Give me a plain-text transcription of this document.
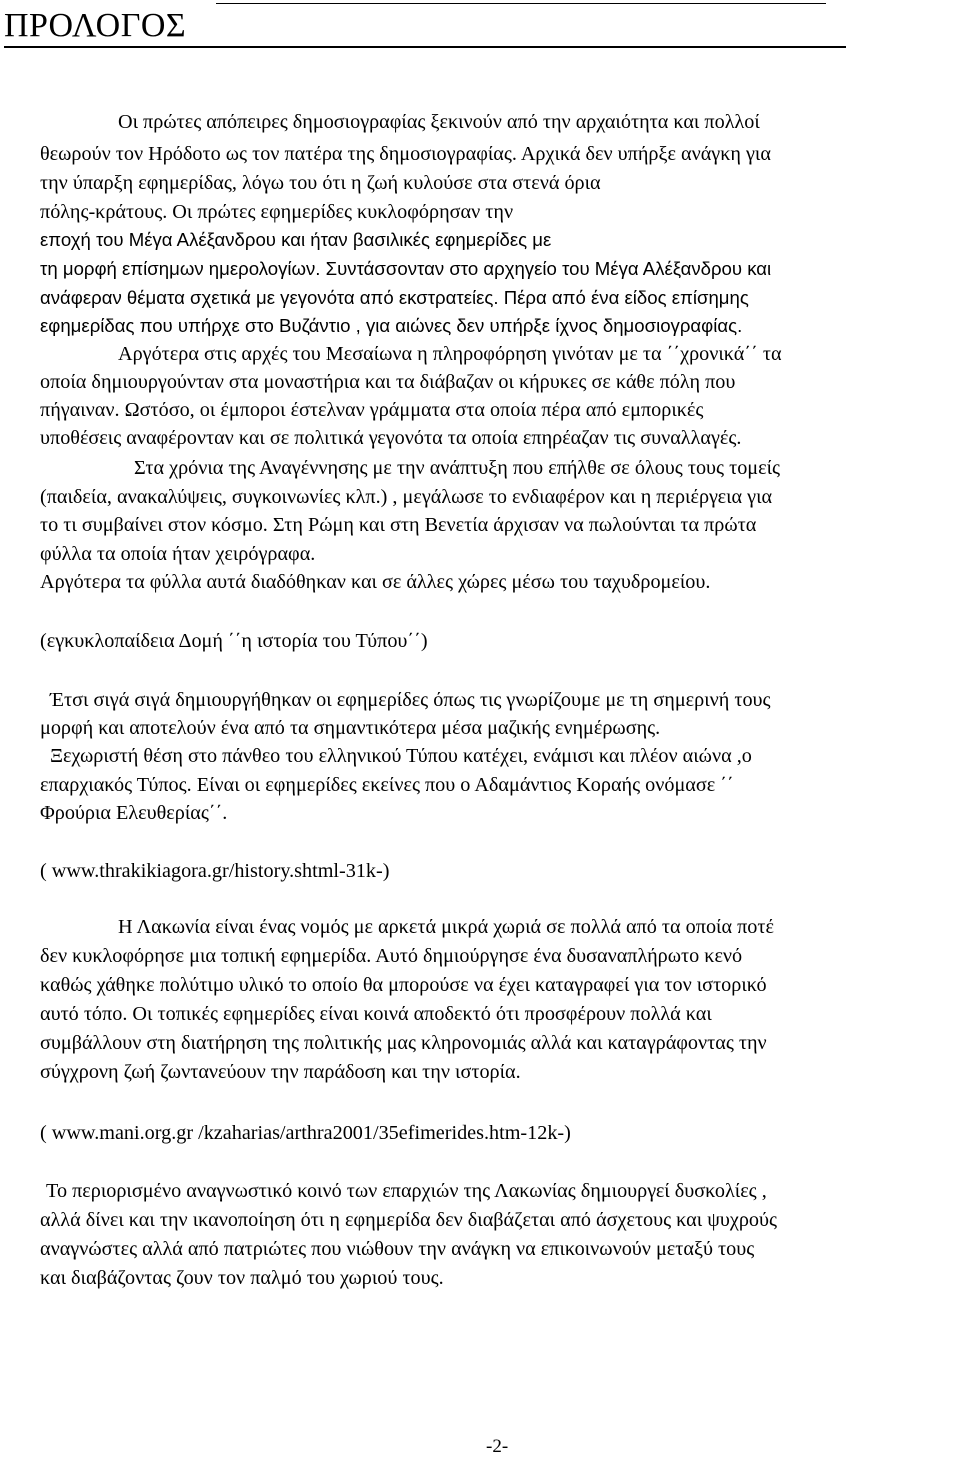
ΠΡΟΛΟΓΟΣ
Οι πρώτες απόπειρες δημοσιογραφίας ξεκινούν από την αρχαιότητα και πολλοί
θεωρούν τον Ηρόδοτο ως τον πατέρα της δημοσιογραφίας. Αρχικά δεν υπήρξε ανάγκη για
την ύπαρξη εφημερίδας, λόγω του ότι η ζωή κυλούσε στα στενά όρια
πόλης-κράτους. Οι πρώτες εφημερίδες κυκλοφόρησαν την
εποχή του Μέγα Αλέξανδρου και ήταν βασιλικές εφημερίδες με
τη μορφή επίσημων ημερολογίων. Συντάσσονταν στο αρχηγείο του Μέγα Αλέξανδρου και
ανάφεραν θέματα σχετικά με γεγονότα από εκστρατείες. Πέρα από ένα είδος επίσημης
εφημερίδας που υπήρχε στο Βυζάντιο , για αιώνες δεν υπήρξε ίχνος δημοσιογραφίας.
Αργότερα στις αρχές του Μεσαίωνα η πληροφόρηση γινόταν με τα ΄΄χρονικά΄΄ τα
οποία δημιουργούνταν στα μοναστήρια και τα διάβαζαν οι κήρυκες σε κάθε πόλη που
πήγαιναν. Ωστόσο, οι έμποροι έστελναν γράμματα στα οποία πέρα από εμπορικές
υποθέσεις αναφέρονταν και σε πολιτικά γεγονότα τα οποία επηρέαζαν τις συναλλαγές.
Στα χρόνια της Αναγέννησης με την ανάπτυξη που επήλθε σε όλους τους τομείς
(παιδεία, ανακαλύψεις, συγκοινωνίες κλπ.) , μεγάλωσε το ενδιαφέρον και η περιέργεια για
το τι συμβαίνει στον κόσμο. Στη Ρώμη και στη Βενετία άρχισαν να πωλούνται τα πρώτα
φύλλα τα οποία ήταν χειρόγραφα.
Αργότερα τα φύλλα αυτά διαδόθηκαν και σε άλλες χώρες μέσω του ταχυδρομείου.
(εγκυκλοπαίδεια Δομή ΄΄η ιστορία του Τύπου΄΄)
Έτσι σιγά σιγά δημιουργήθηκαν οι εφημερίδες όπως τις γνωρίζουμε με τη σημερινή τους
μορφή και αποτελούν ένα από τα σημαντικότερα μέσα μαζικής ενημέρωσης.
Ξεχωριστή θέση στο πάνθεο του ελληνικού Τύπου κατέχει, ενάμισι και πλέον αιώνα ,ο
επαρχιακός Τύπος. Είναι οι εφημερίδες εκείνες που ο Αδαμάντιος Κοραής ονόμασε ΄΄
Φρούρια Ελευθερίας΄΄.
( www.thrakikiagora.gr/history.shtml-31k-)
Η Λακωνία είναι ένας νομός με αρκετά μικρά χωριά σε πολλά από τα οποία ποτέ
δεν κυκλοφόρησε μια τοπική εφημερίδα. Αυτό δημιούργησε ένα δυσαναπλήρωτο κενό
καθώς χάθηκε πολύτιμο υλικό το οποίο θα μπορούσε να έχει καταγραφεί για τον ιστορικό
αυτό τόπο. Οι τοπικές εφημερίδες είναι κοινά αποδεκτό ότι προσφέρουν πολλά και
συμβάλλουν στη διατήρηση της πολιτικής μας κληρονομιάς αλλά και καταγράφοντας την
σύγχρονη ζωή ζωντανεύουν την παράδοση και την ιστορία.
( www.mani.org.gr /kzaharias/arthra2001/35efimerides.htm-12k-)
Το περιορισμένο αναγνωστικό κοινό των επαρχιών της Λακωνίας δημιουργεί δυσκολίες ,
αλλά δίνει και την ικανοποίηση ότι η εφημερίδα δεν διαβάζεται από άσχετους και ψυχρούς
αναγνώστες αλλά από πατριώτες που νιώθουν την ανάγκη να επικοινωνούν μεταξύ τους
και διαβάζοντας ζουν τον παλμό του χωριού τους.
-2-
